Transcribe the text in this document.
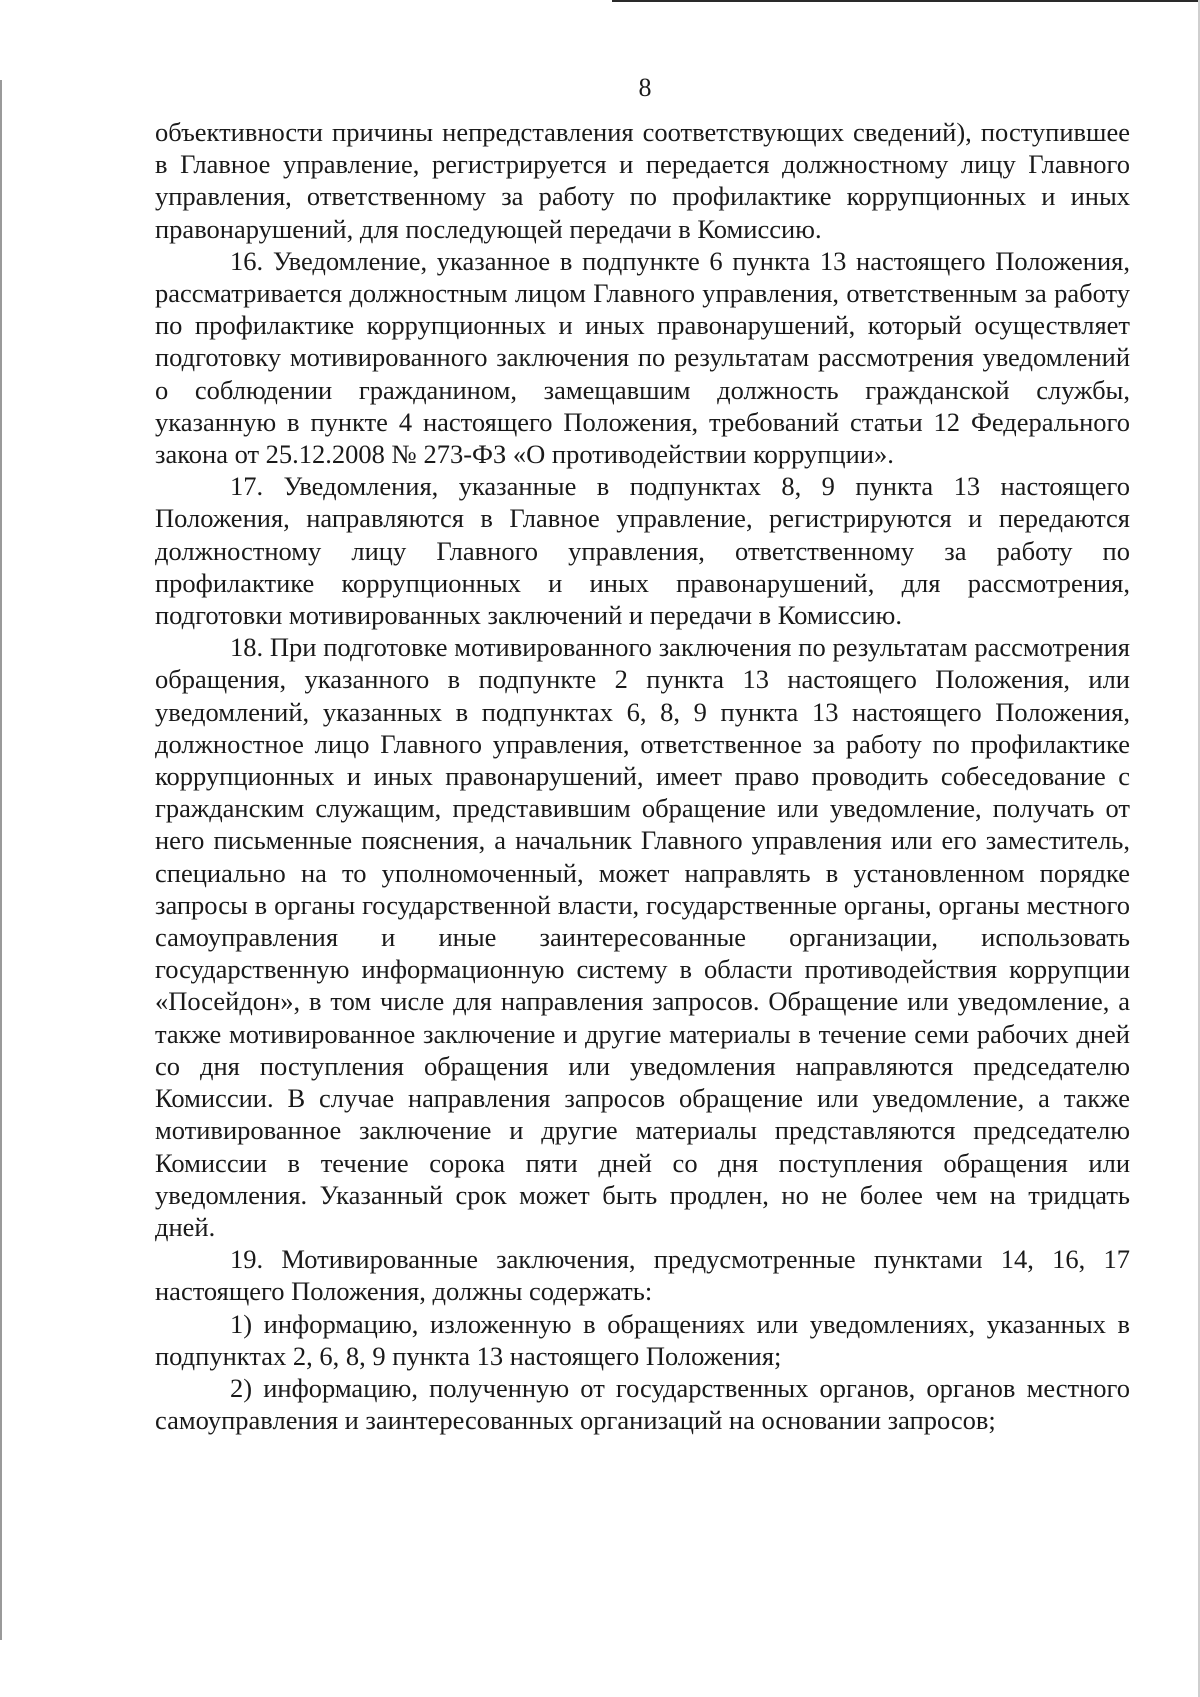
8

объективности причины непредставления соответствующих сведений), поступившее в Главное управление, регистрируется и передается должностному лицу Главного управления, ответственному за работу по профилактике коррупционных и иных правонарушений, для последующей передачи в Комиссию.

16. Уведомление, указанное в подпункте 6 пункта 13 настоящего Положения, рассматривается должностным лицом Главного управления, ответственным за работу по профилактике коррупционных и иных правонарушений, который осуществляет подготовку мотивированного заключения по результатам рассмотрения уведомлений о соблюдении гражданином, замещавшим должность гражданской службы, указанную в пункте 4 настоящего Положения, требований статьи 12 Федерального закона от 25.12.2008 № 273-ФЗ «О противодействии коррупции».

17. Уведомления, указанные в подпунктах 8, 9 пункта 13 настоящего Положения, направляются в Главное управление, регистрируются и передаются должностному лицу Главного управления, ответственному за работу по профилактике коррупционных и иных правонарушений, для рассмотрения, подготовки мотивированных заключений и передачи в Комиссию.

18. При подготовке мотивированного заключения по результатам рассмотрения обращения, указанного в подпункте 2 пункта 13 настоящего Положения, или уведомлений, указанных в подпунктах 6, 8, 9 пункта 13 настоящего Положения, должностное лицо Главного управления, ответственное за работу по профилактике коррупционных и иных правонарушений, имеет право проводить собеседование с гражданским служащим, представившим обращение или уведомление, получать от него письменные пояснения, а начальник Главного управления или его заместитель, специально на то уполномоченный, может направлять в установленном порядке запросы в органы государственной власти, государственные органы, органы местного самоуправления и иные заинтересованные организации, использовать государственную информационную систему в области противодействия коррупции «Посейдон», в том числе для направления запросов. Обращение или уведомление, а также мотивированное заключение и другие материалы в течение семи рабочих дней со дня поступления обращения или уведомления направляются председателю Комиссии. В случае направления запросов обращение или уведомление, а также мотивированное заключение и другие материалы представляются председателю Комиссии в течение сорока пяти дней со дня поступления обращения или уведомления. Указанный срок может быть продлен, но не более чем на тридцать дней.

19. Мотивированные заключения, предусмотренные пунктами 14, 16, 17 настоящего Положения, должны содержать:

1) информацию, изложенную в обращениях или уведомлениях, указанных в подпунктах 2, 6, 8, 9 пункта 13 настоящего Положения;

2) информацию, полученную от государственных органов, органов местного самоуправления и заинтересованных организаций на основании запросов;
